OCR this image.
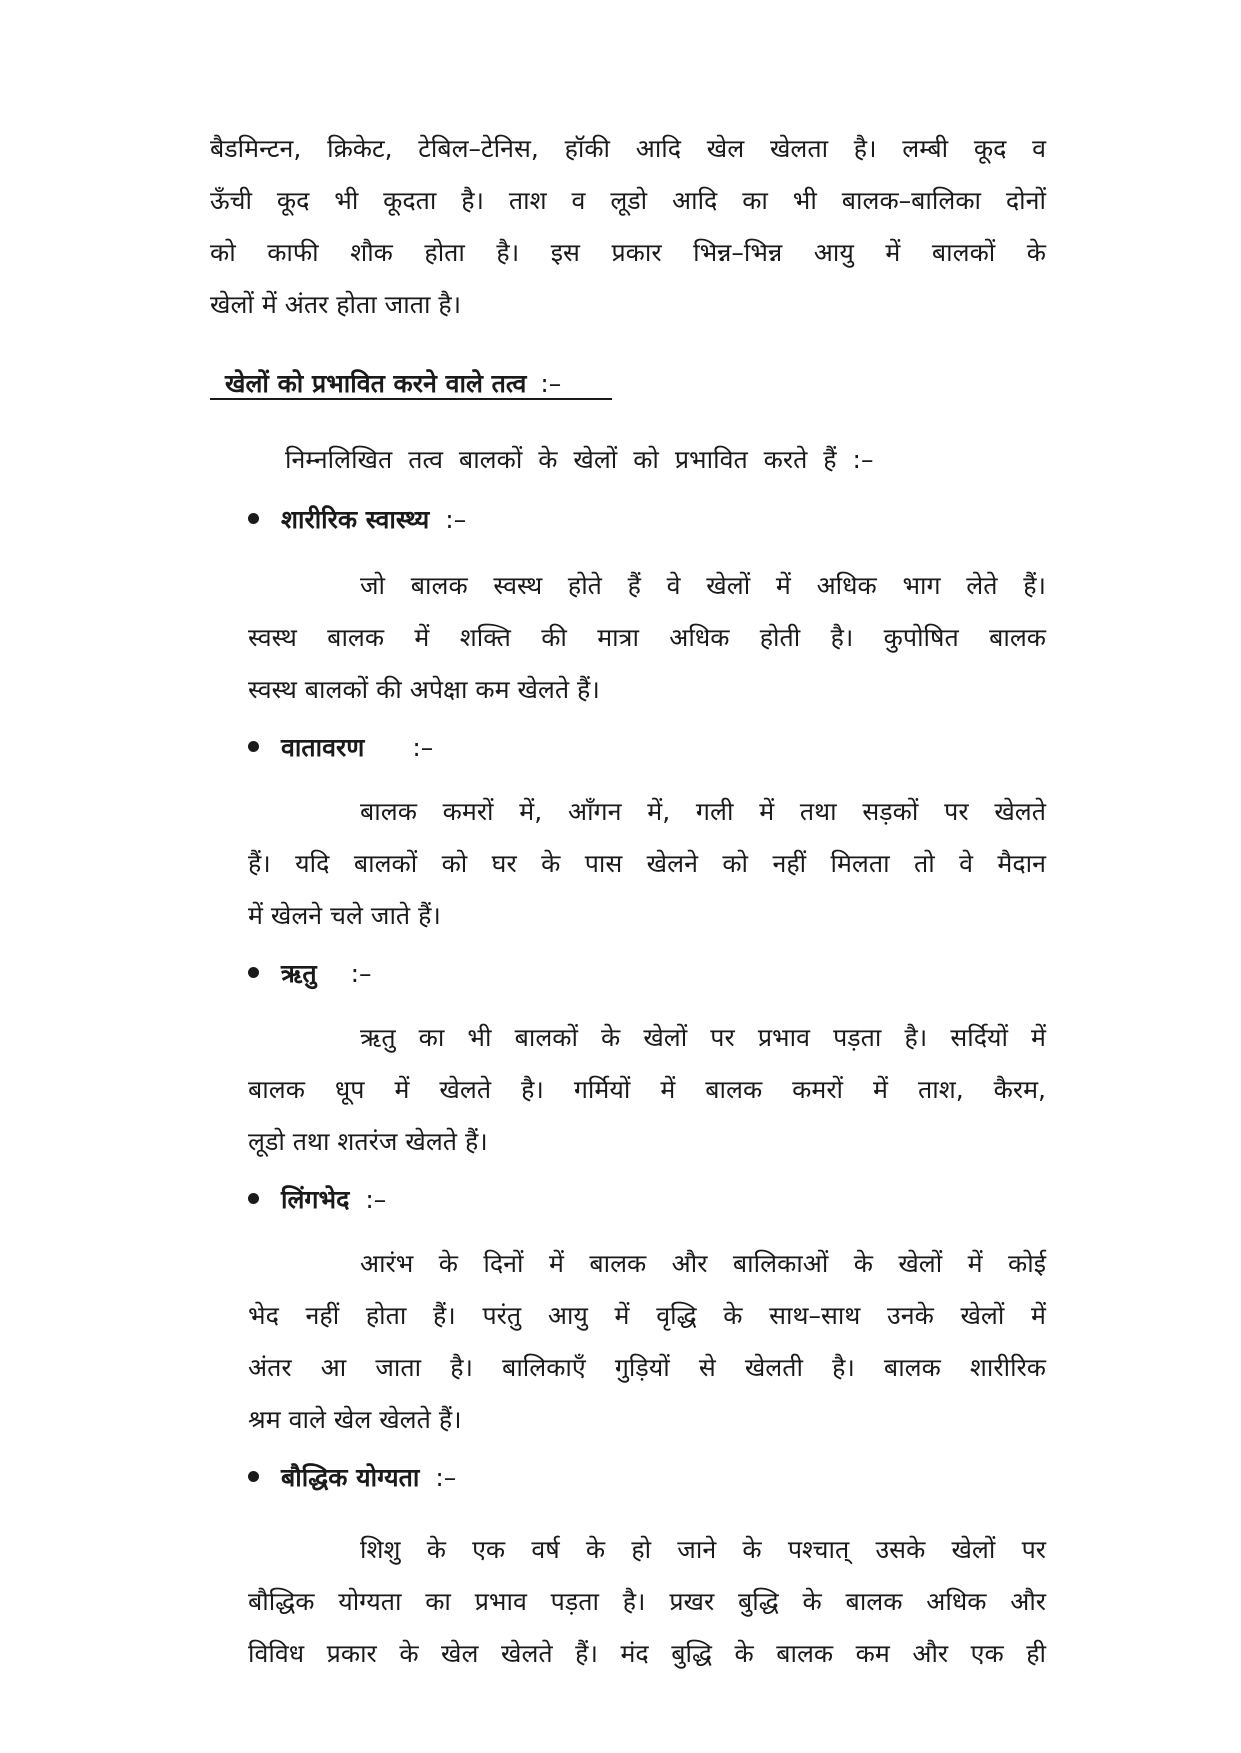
बैडमिन्टन, क्रिकेट, टेबिल–टेनिस, हॉकी आदि खेल खेलता है। लम्बी कूद व
ऊँची कूद भी कूदता है। ताश व लूडो आदि का भी बालक–बालिका दोनों
को काफी शौक होता है। इस प्रकार भिन्न–भिन्न आयु में बालकों के
खेलों में अंतर होता जाता है।
खेलों को प्रभावित करने वाले तत्व :–

निम्नलिखित तत्व बालकों के खेलों को प्रभावित करते हैं :–

शारीरिक स्वास्थ्य :–
जो बालक स्वस्थ होते हैं वे खेलों में अधिक भाग लेते हैं।
स्वस्थ बालक में शक्ति की मात्रा अधिक होती है। कुपोषित बालक
स्वस्थ बालकों की अपेक्षा कम खेलते हैं।
वातावरण :–
बालक कमरों में, आँगन में, गली में तथा सड़कों पर खेलते
हैं। यदि बालकों को घर के पास खेलने को नहीं मिलता तो वे मैदान
में खेलने चले जाते हैं।
ऋतु :–
ऋतु का भी बालकों के खेलों पर प्रभाव पड़ता है। सर्दियों में
बालक धूप में खेलते है। गर्मियों में बालक कमरों में ताश, कैरम,
लूडो तथा शतरंज खेलते हैं।
लिंगभेद :–
आरंभ के दिनों में बालक और बालिकाओं के खेलों में कोई
भेद नहीं होता हैं। परंतु आयु में वृद्धि के साथ–साथ उनके खेलों में
अंतर आ जाता है। बालिकाएँ गुड़ियों से खेलती है। बालक शारीरिक
श्रम वाले खेल खेलते हैं।
बौद्धिक योग्यता :–
शिशु के एक वर्ष के हो जाने के पश्चात् उसके खेलों पर
बौद्धिक योग्यता का प्रभाव पड़ता है। प्रखर बुद्धि के बालक अधिक और
विविध प्रकार के खेल खेलते हैं। मंद बुद्धि के बालक कम और एक ही
